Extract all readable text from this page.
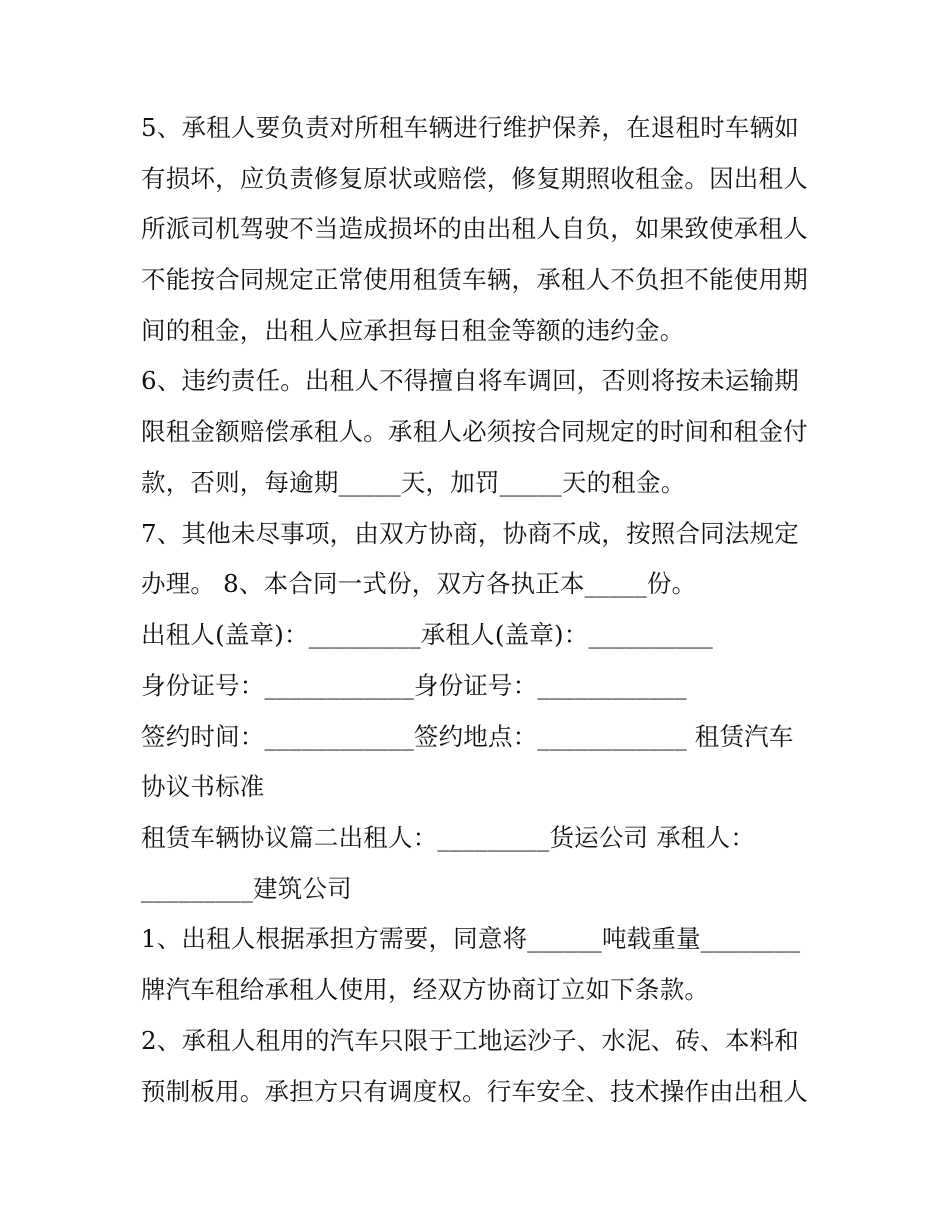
5、承租人要负责对所租车辆进行维护保养，在退租时车辆如
有损坏，应负责修复原状或赔偿，修复期照收租金。因出租人
所派司机驾驶不当造成损坏的由出租人自负，如果致使承租人
不能按合同规定正常使用租赁车辆，承租人不负担不能使用期
间的租金，出租人应承担每日租金等额的违约金。
6、违约责任。出租人不得擅自将车调回，否则将按未运输期
限租金额赔偿承租人。承租人必须按合同规定的时间和租金付
款，否则，每逾期_____天，加罚_____天的租金。
7、其他未尽事项，由双方协商，协商不成，按照合同法规定
办理。 8、本合同一式份，双方各执正本_____份。
出租人(盖章)：_________承租人(盖章)：__________
身份证号：____________身份证号：____________
签约时间：____________签约地点：____________ 租赁汽车
协议书标准
租赁车辆协议篇二出租人：_________货运公司 承租人：
_________建筑公司
1、出租人根据承担方需要，同意将______吨载重量________
牌汽车租给承租人使用，经双方协商订立如下条款。
2、承租人租用的汽车只限于工地运沙子、水泥、砖、本料和
预制板用。承担方只有调度权。行车安全、技术操作由出租人
